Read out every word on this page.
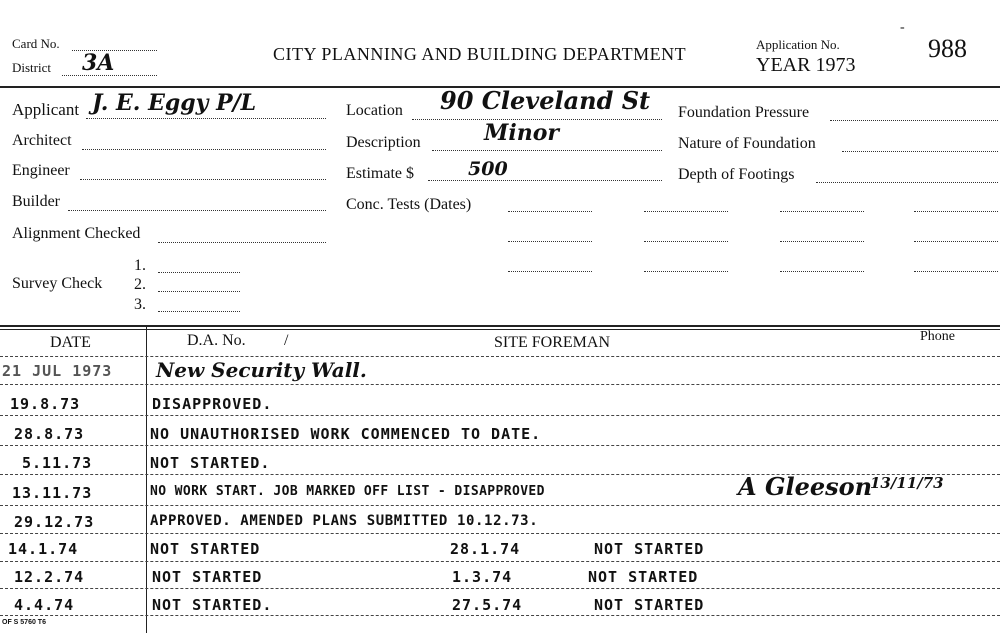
Card No.
District 3A	CITY PLANNING AND BUILDING DEPARTMENT	Application No.
YEAR 1973
988
-
Applicant J. E. Eggy P/L
Architect
Engineer
Builder
Alignment Checked
Survey Check
1.
2.
3.
Location 90 Cleveland St
Description	Minor
Estimate $	500
Conc. Tests (Dates)
Foundation Pressure
Nature of Foundation
Depth of Footings
DATE	D.A. No. /	SITE FOREMAN	Phone
21 JUL 1973 New Security Wall.
19.8.73	DISAPPROVED.
28.8.73	NO UNAUTHORISED WORK COMMENCED TO DATE.
5.11.73	NOT STARTED.
13.11.73	NO WORK START. JOB MARKED OFF LIST - DISAPPROVED	A Gleeson
13/11/73
29.12.73	APPROVED. AMENDED PLANS SUBMITTED 10.12.73.
14.1.74	NOT STARTED	28.1.74	NOT STARTED
12.2.74	NOT STARTED	1.3.74	NOT STARTED
4.4.74	NOT STARTED.	27.5.74	NOT STARTED
OF S 5760 T6
